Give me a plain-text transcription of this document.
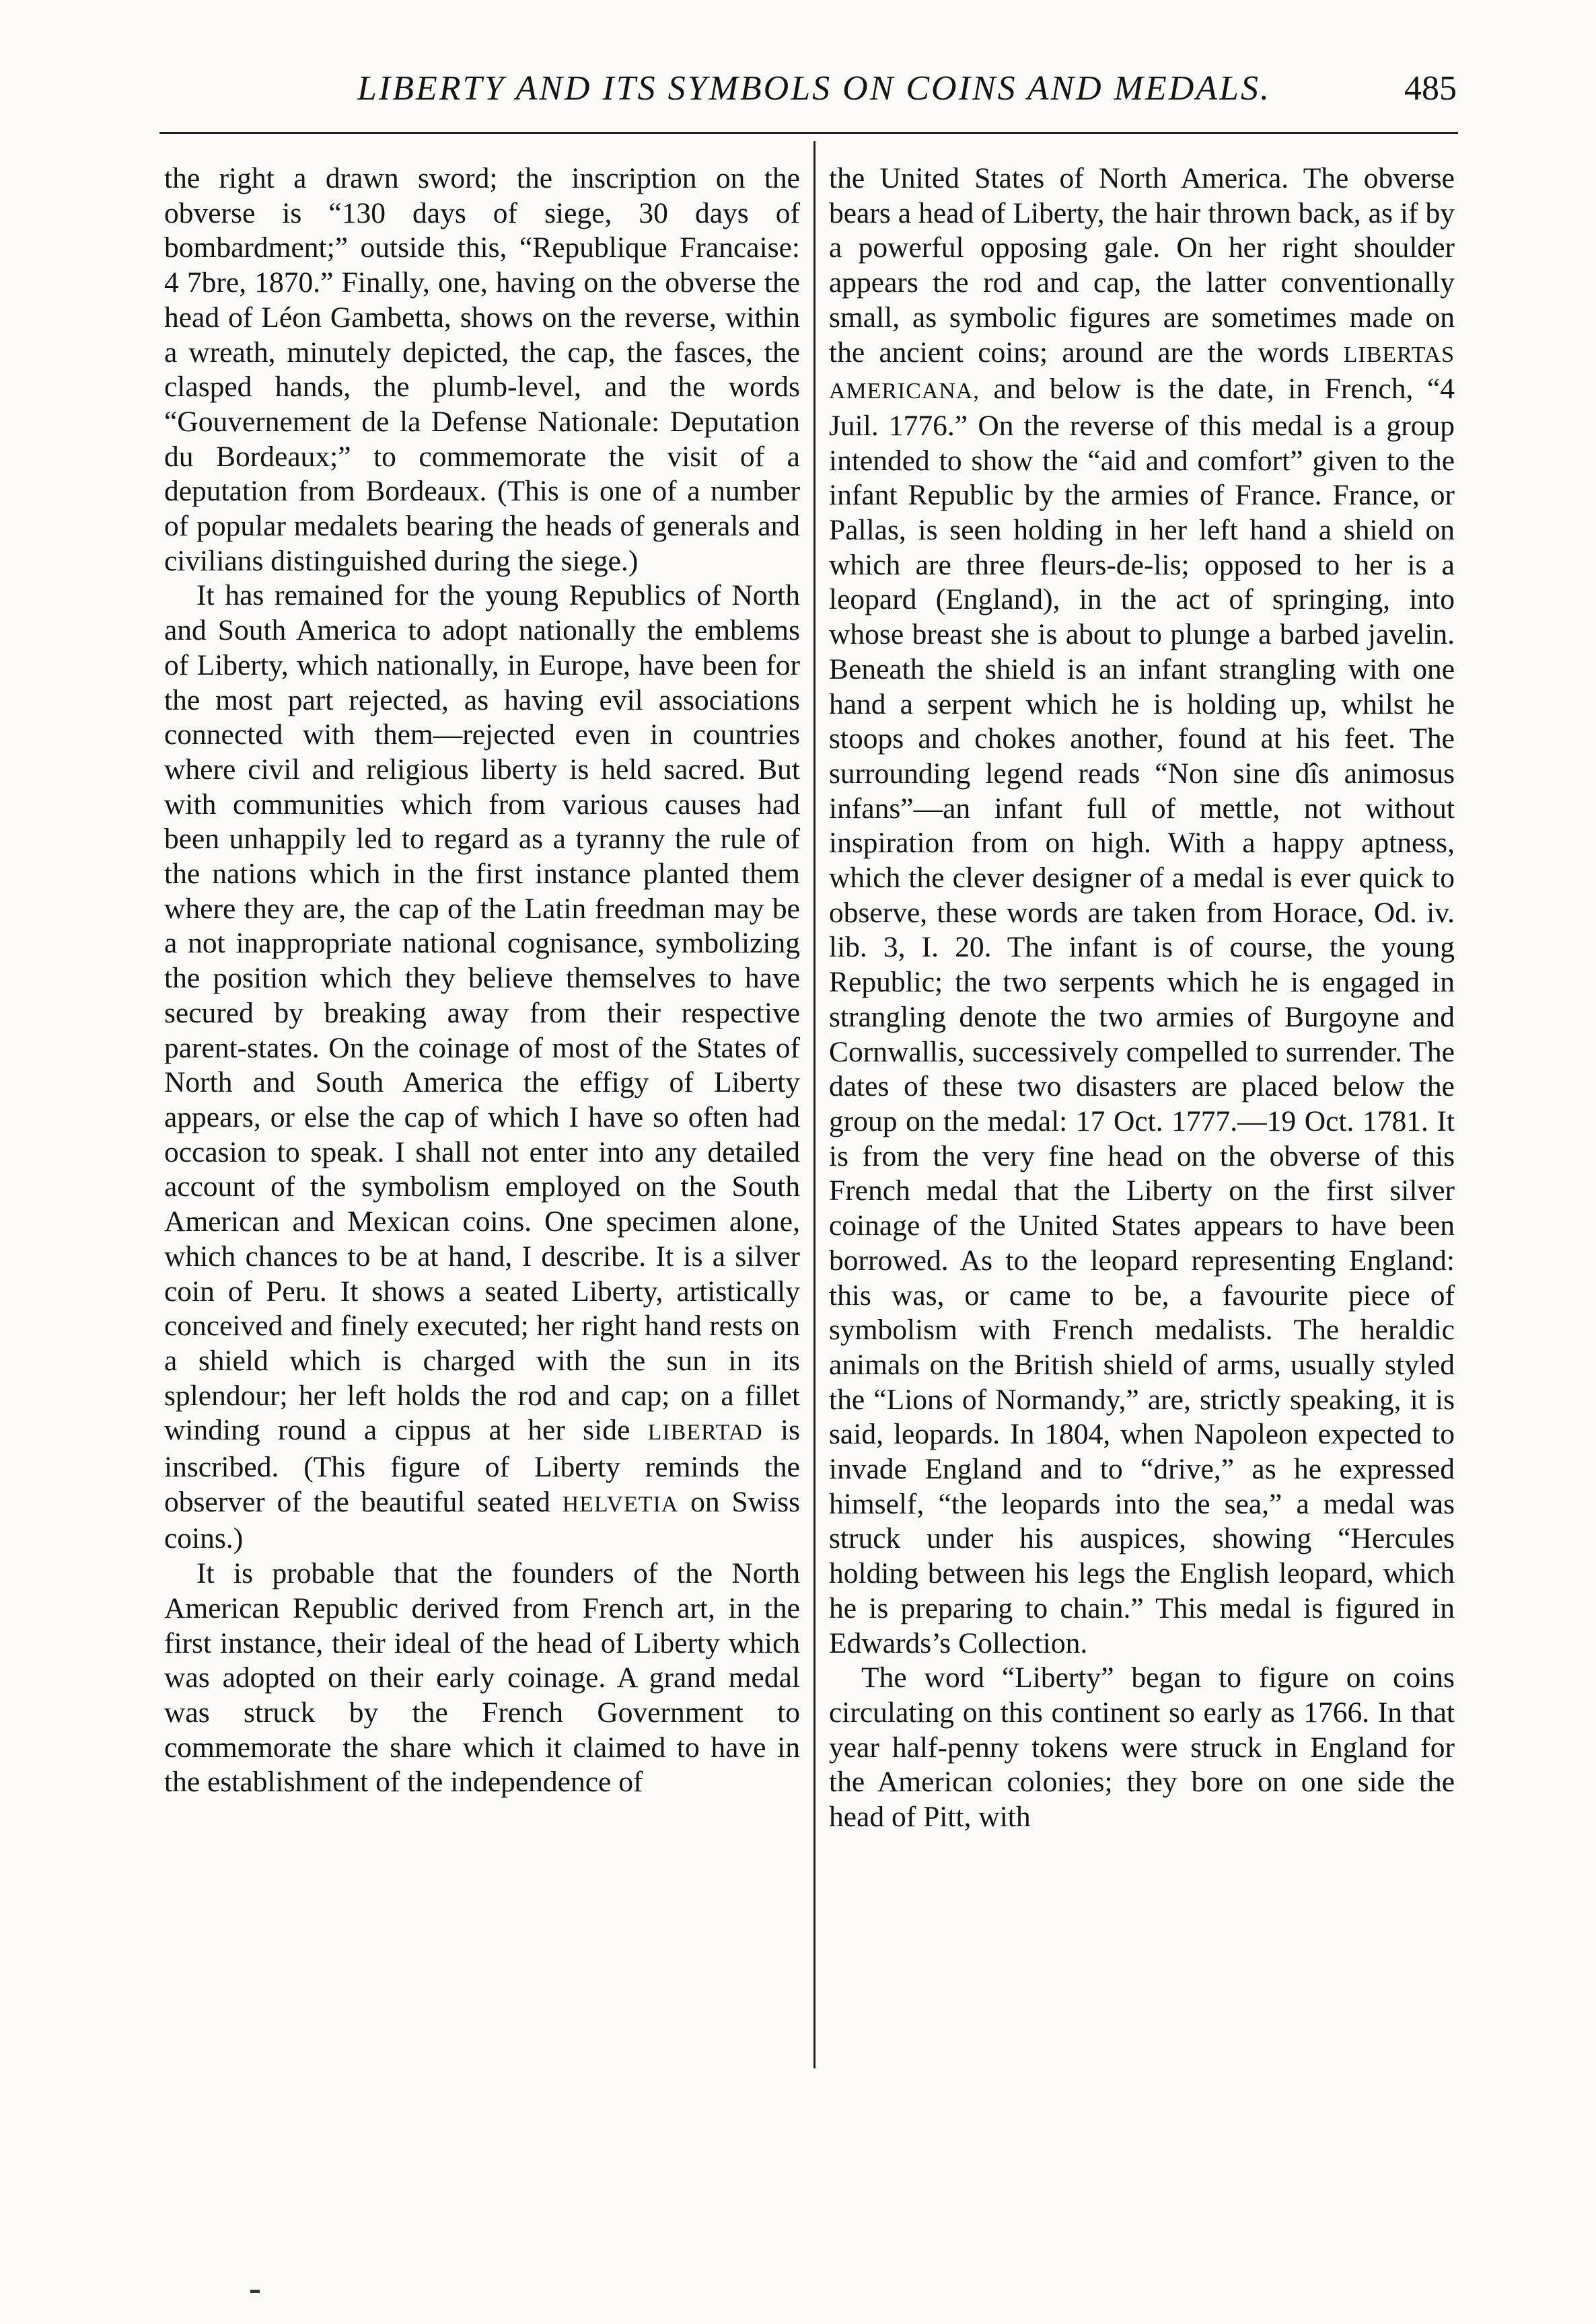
LIBERTY AND ITS SYMBOLS ON COINS AND MEDALS.	485

the right a drawn sword; the inscription on the obverse is “130 days of siege, 30 days of bombardment;” outside this, “Republique Francaise: 4 7bre, 1870.” Finally, one, having on the obverse the head of Léon Gambetta, shows on the reverse, within a wreath, minutely depicted, the cap, the fasces, the clasped hands, the plumb-level, and the words “Gouvernement de la Defense Nationale: Deputation du Bordeaux;” to commemorate the visit of a deputation from Bordeaux. (This is one of a number of popular medalets bearing the heads of generals and civilians distinguished during the siege.)

It has remained for the young Republics of North and South America to adopt nationally the emblems of Liberty, which nationally, in Europe, have been for the most part rejected, as having evil associations connected with them—rejected even in countries where civil and religious liberty is held sacred. But with communities which from various causes had been unhappily led to regard as a tyranny the rule of the nations which in the first instance planted them where they are, the cap of the Latin freedman may be a not inappropriate national cognisance, symbolizing the position which they believe themselves to have secured by breaking away from their respective parent-states. On the coinage of most of the States of North and South America the effigy of Liberty appears, or else the cap of which I have so often had occasion to speak. I shall not enter into any detailed account of the symbolism employed on the South American and Mexican coins. One specimen alone, which chances to be at hand, I describe. It is a silver coin of Peru. It shows a seated Liberty, artistically conceived and finely executed; her right hand rests on a shield which is charged with the sun in its splendour; her left holds the rod and cap; on a fillet winding round a cippus at her side LIBERTAD is inscribed. (This figure of Liberty reminds the observer of the beautiful seated HELVETIA on Swiss coins.)

It is probable that the founders of the North American Republic derived from French art, in the first instance, their ideal of the head of Liberty which was adopted on their early coinage. A grand medal was struck by the French Government to commemorate the share which it claimed to have in the establishment of the independence of

the United States of North America. The obverse bears a head of Liberty, the hair thrown back, as if by a powerful opposing gale. On her right shoulder appears the rod and cap, the latter conventionally small, as symbolic figures are sometimes made on the ancient coins; around are the words LIBERTAS AMERICANA, and below is the date, in French, “4 Juil. 1776.” On the reverse of this medal is a group intended to show the “aid and comfort” given to the infant Republic by the armies of France. France, or Pallas, is seen holding in her left hand a shield on which are three fleurs-de-lis; opposed to her is a leopard (England), in the act of springing, into whose breast she is about to plunge a barbed javelin. Beneath the shield is an infant strangling with one hand a serpent which he is holding up, whilst he stoops and chokes another, found at his feet. The surrounding legend reads “Non sine dîs animosus infans”—an infant full of mettle, not without inspiration from on high. With a happy aptness, which the clever designer of a medal is ever quick to observe, these words are taken from Horace, Od. iv. lib. 3, I. 20. The infant is of course, the young Republic; the two serpents which he is engaged in strangling denote the two armies of Burgoyne and Cornwallis, successively compelled to surrender. The dates of these two disasters are placed below the group on the medal: 17 Oct. 1777.—19 Oct. 1781. It is from the very fine head on the obverse of this French medal that the Liberty on the first silver coinage of the United States appears to have been borrowed. As to the leopard representing England: this was, or came to be, a favourite piece of symbolism with French medalists. The heraldic animals on the British shield of arms, usually styled the “Lions of Normandy,” are, strictly speaking, it is said, leopards. In 1804, when Napoleon expected to invade England and to “drive,” as he expressed himself, “the leopards into the sea,” a medal was struck under his auspices, showing “Hercules holding between his legs the English leopard, which he is preparing to chain.” This medal is figured in Edwards’s Collection.

The word “Liberty” began to figure on coins circulating on this continent so early as 1766. In that year half-penny tokens were struck in England for the American colonies; they bore on one side the head of Pitt, with
